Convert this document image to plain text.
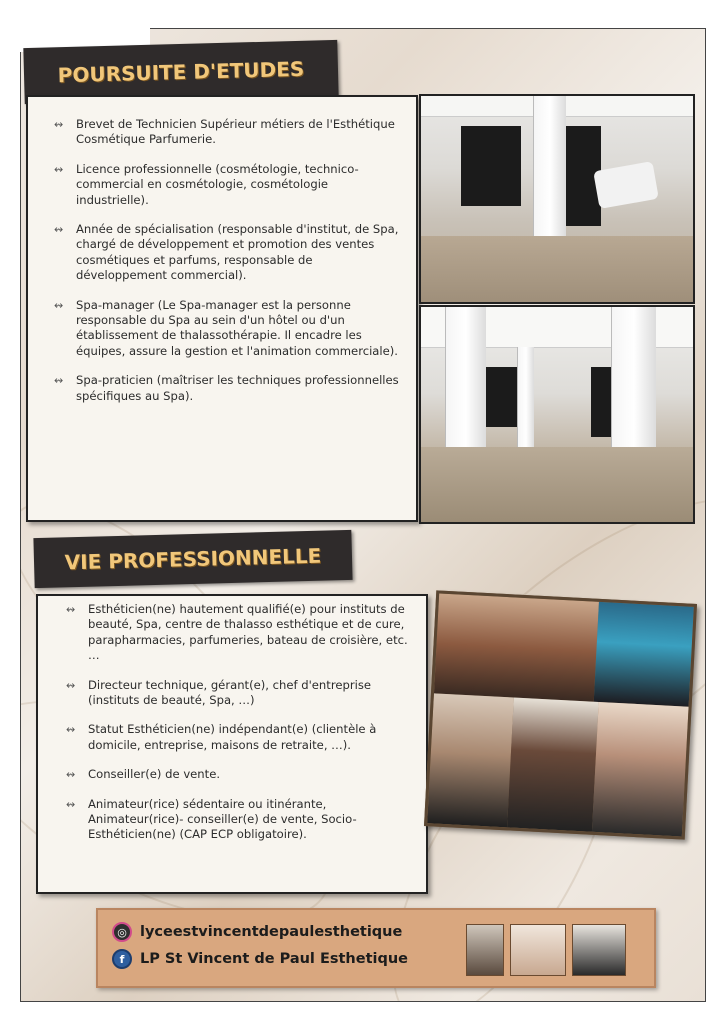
POURSUITE D'ETUDES
↭ Brevet de Technicien Supérieur métiers de l'Esthétique Cosmétique Parfumerie.
↭ Licence professionnelle (cosmétologie, technico-commercial en cosmétologie, cosmétologie industrielle).
↭ Année de spécialisation (responsable d'institut, de Spa, chargé de développement et promotion des ventes cosmétiques et parfums, responsable de développement commercial).
↭ Spa-manager (Le Spa-manager est la personne responsable du Spa au sein d'un hôtel ou d'un établissement de thalassothérapie. Il encadre les équipes, assure la gestion et l'animation commerciale).
↭ Spa-praticien (maîtriser les techniques professionnelles spécifiques au Spa).
VIE PROFESSIONNELLE
↭ Esthéticien(ne) hautement qualifié(e) pour instituts de beauté, Spa, centre de thalasso esthétique et de cure, parapharmacies, parfumeries, bateau de croisière, etc. …
↭ Directeur technique, gérant(e), chef d'entreprise (instituts de beauté, Spa, …)
↭ Statut Esthéticien(ne) indépendant(e) (clientèle à domicile, entreprise, maisons de retraite, …).
↭ Conseiller(e) de vente.
↭ Animateur(rice) sédentaire ou itinérante, Animateur(rice)- conseiller(e) de vente, Socio-Esthéticien(ne) (CAP ECP obligatoire).
◎ lyceestvincentdepaulesthetique
f	LP St Vincent de Paul Esthetique
